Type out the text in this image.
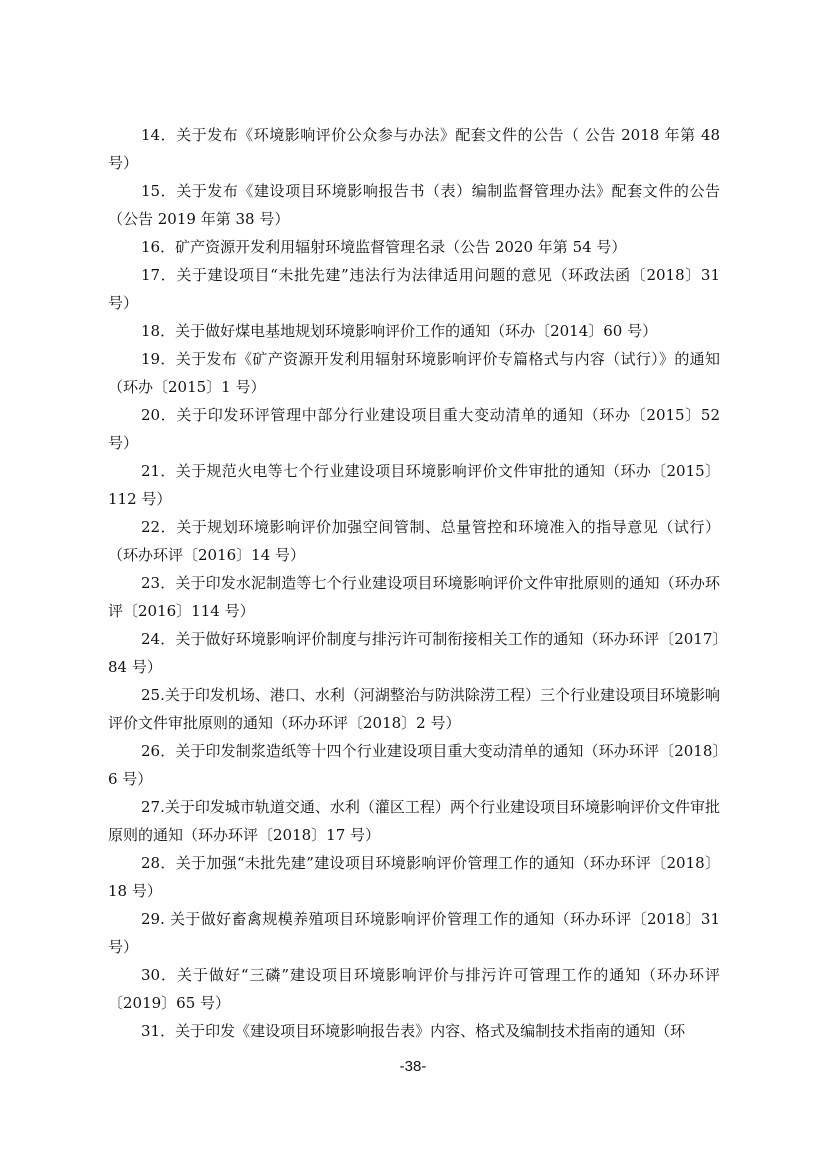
14．关于发布《环境影响评价公众参与办法》配套文件的公告（ 公告 2018 年第 48 号）

15．关于发布《建设项目环境影响报告书（表）编制监督管理办法》配套文件的公告（公告 2019 年第 38 号）

16．矿产资源开发利用辐射环境监督管理名录（公告 2020 年第 54 号）

17．关于建设项目“未批先建”违法行为法律适用问题的意见（环政法函〔2018〕31 号）

18．关于做好煤电基地规划环境影响评价工作的通知（环办〔2014〕60 号）

19．关于发布《矿产资源开发利用辐射环境影响评价专篇格式与内容（试行）》的通知（环办〔2015〕1 号）

20．关于印发环评管理中部分行业建设项目重大变动清单的通知（环办〔2015〕52 号）

21．关于规范火电等七个行业建设项目环境影响评价文件审批的通知（环办〔2015〕112 号）

22．关于规划环境影响评价加强空间管制、总量管控和环境准入的指导意见（试行）（环办环评〔2016〕14 号）

23．关于印发水泥制造等七个行业建设项目环境影响评价文件审批原则的通知（环办环评〔2016〕114 号）

24．关于做好环境影响评价制度与排污许可制衔接相关工作的通知（环办环评〔2017〕84 号）

25.关于印发机场、港口、水利（河湖整治与防洪除涝工程）三个行业建设项目环境影响评价文件审批原则的通知（环办环评〔2018〕2 号）

26．关于印发制浆造纸等十四个行业建设项目重大变动清单的通知（环办环评〔2018〕6 号）

27.关于印发城市轨道交通、水利（灌区工程）两个行业建设项目环境影响评价文件审批原则的通知（环办环评〔2018〕17 号）

28．关于加强“未批先建”建设项目环境影响评价管理工作的通知（环办环评〔2018〕18 号）

29. 关于做好畜禽规模养殖项目环境影响评价管理工作的通知（环办环评〔2018〕31 号）

30．关于做好“三磷”建设项目环境影响评价与排污许可管理工作的通知（环办环评〔2019〕65 号）

31．关于印发《建设项目环境影响报告表》内容、格式及编制技术指南的通知（环

-38-
